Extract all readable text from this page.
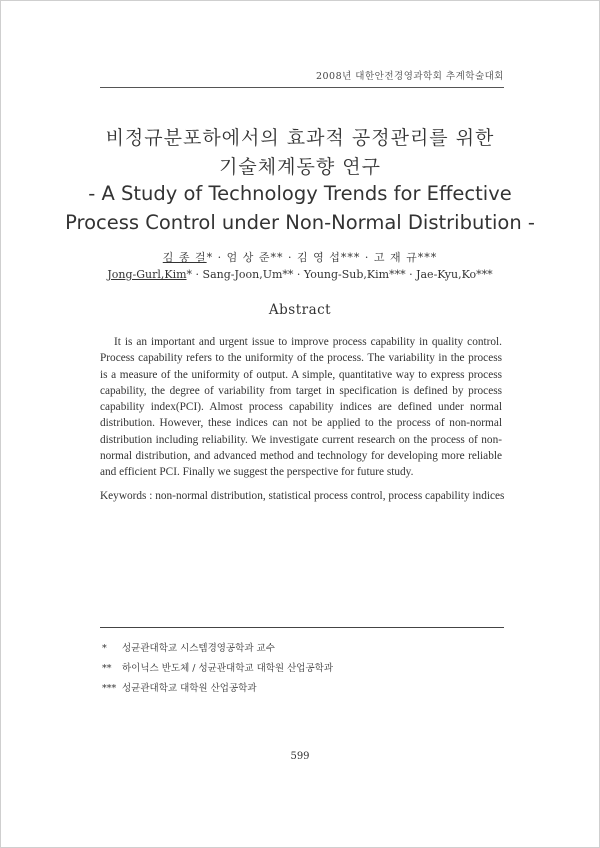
2008년 대한안전경영과학회 추계학술대회
비정규분포하에서의 효과적 공정관리를 위한
기술체계동향 연구
- A Study of Technology Trends for Effective
Process Control under Non-Normal Distribution -
김 종 걸* · 엄 상 준** · 김 영 섭*** · 고 재 규***
Jong-Gurl,Kim* · Sang-Joon,Um** · Young-Sub,Kim*** · Jae-Kyu,Ko***
Abstract

It is an important and urgent issue to improve process capability in quality control. Process capability refers to the uniformity of the process. The variability in the process is a measure of the uniformity of output. A simple, quantitative way to express process capability, the degree of variability from target in specification is defined by process capability index(PCI). Almost process capability indices are defined under normal distribution. However, these indices can not be applied to the process of non-normal distribution including reliability. We investigate current research on the process of non-normal distribution, and advanced method and technology for developing more reliable and efficient PCI. Finally we suggest the perspective for future study.

Keywords : non-normal distribution, statistical process control, process capability indices
*	성균관대학교 시스템경영공학과 교수
**	하이닉스 반도체 / 성균관대학교 대학원 산업공학과
*** 성균관대학교 대학원 산업공학과
599
